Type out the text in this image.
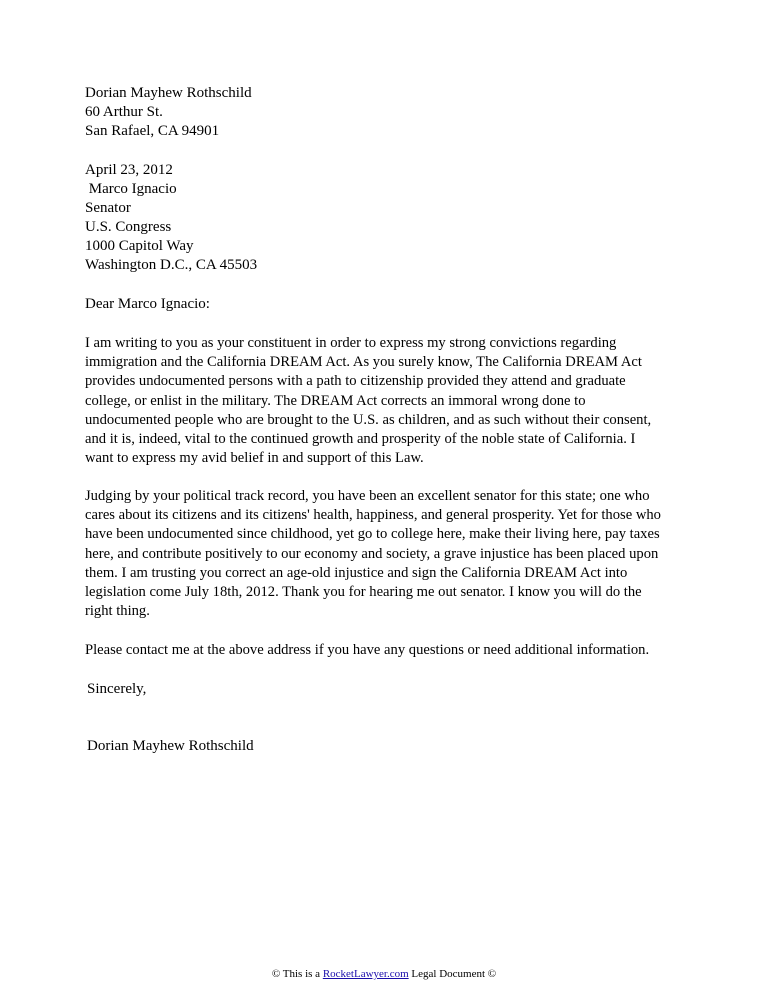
Dorian Mayhew Rothschild
60 Arthur St.
San Rafael, CA 94901
April 23, 2012
Marco Ignacio
Senator
U.S. Congress
1000 Capitol Way
Washington D.C., CA 45503
Dear Marco Ignacio:
I am writing to you as your constituent in order to express my strong convictions regarding
immigration and the California DREAM Act. As you surely know, The California DREAM Act
provides undocumented persons with a path to citizenship provided they attend and graduate
college, or enlist in the military. The DREAM Act corrects an immoral wrong done to
undocumented people who are brought to the U.S. as children, and as such without their consent,
and it is, indeed, vital to the continued growth and prosperity of the noble state of California. I
want to express my avid belief in and support of this Law.
Judging by your political track record, you have been an excellent senator for this state; one who
cares about its citizens and its citizens' health, happiness, and general prosperity. Yet for those who
have been undocumented since childhood, yet go to college here, make their living here, pay taxes
here, and contribute positively to our economy and society, a grave injustice has been placed upon
them. I am trusting you correct an age-old injustice and sign the California DREAM Act into
legislation come July 18th, 2012. Thank you for hearing me out senator. I know you will do the
right thing.
Please contact me at the above address if you have any questions or need additional information.
Sincerely,
Dorian Mayhew Rothschild
© This is a RocketLawyer.com Legal Document ©
